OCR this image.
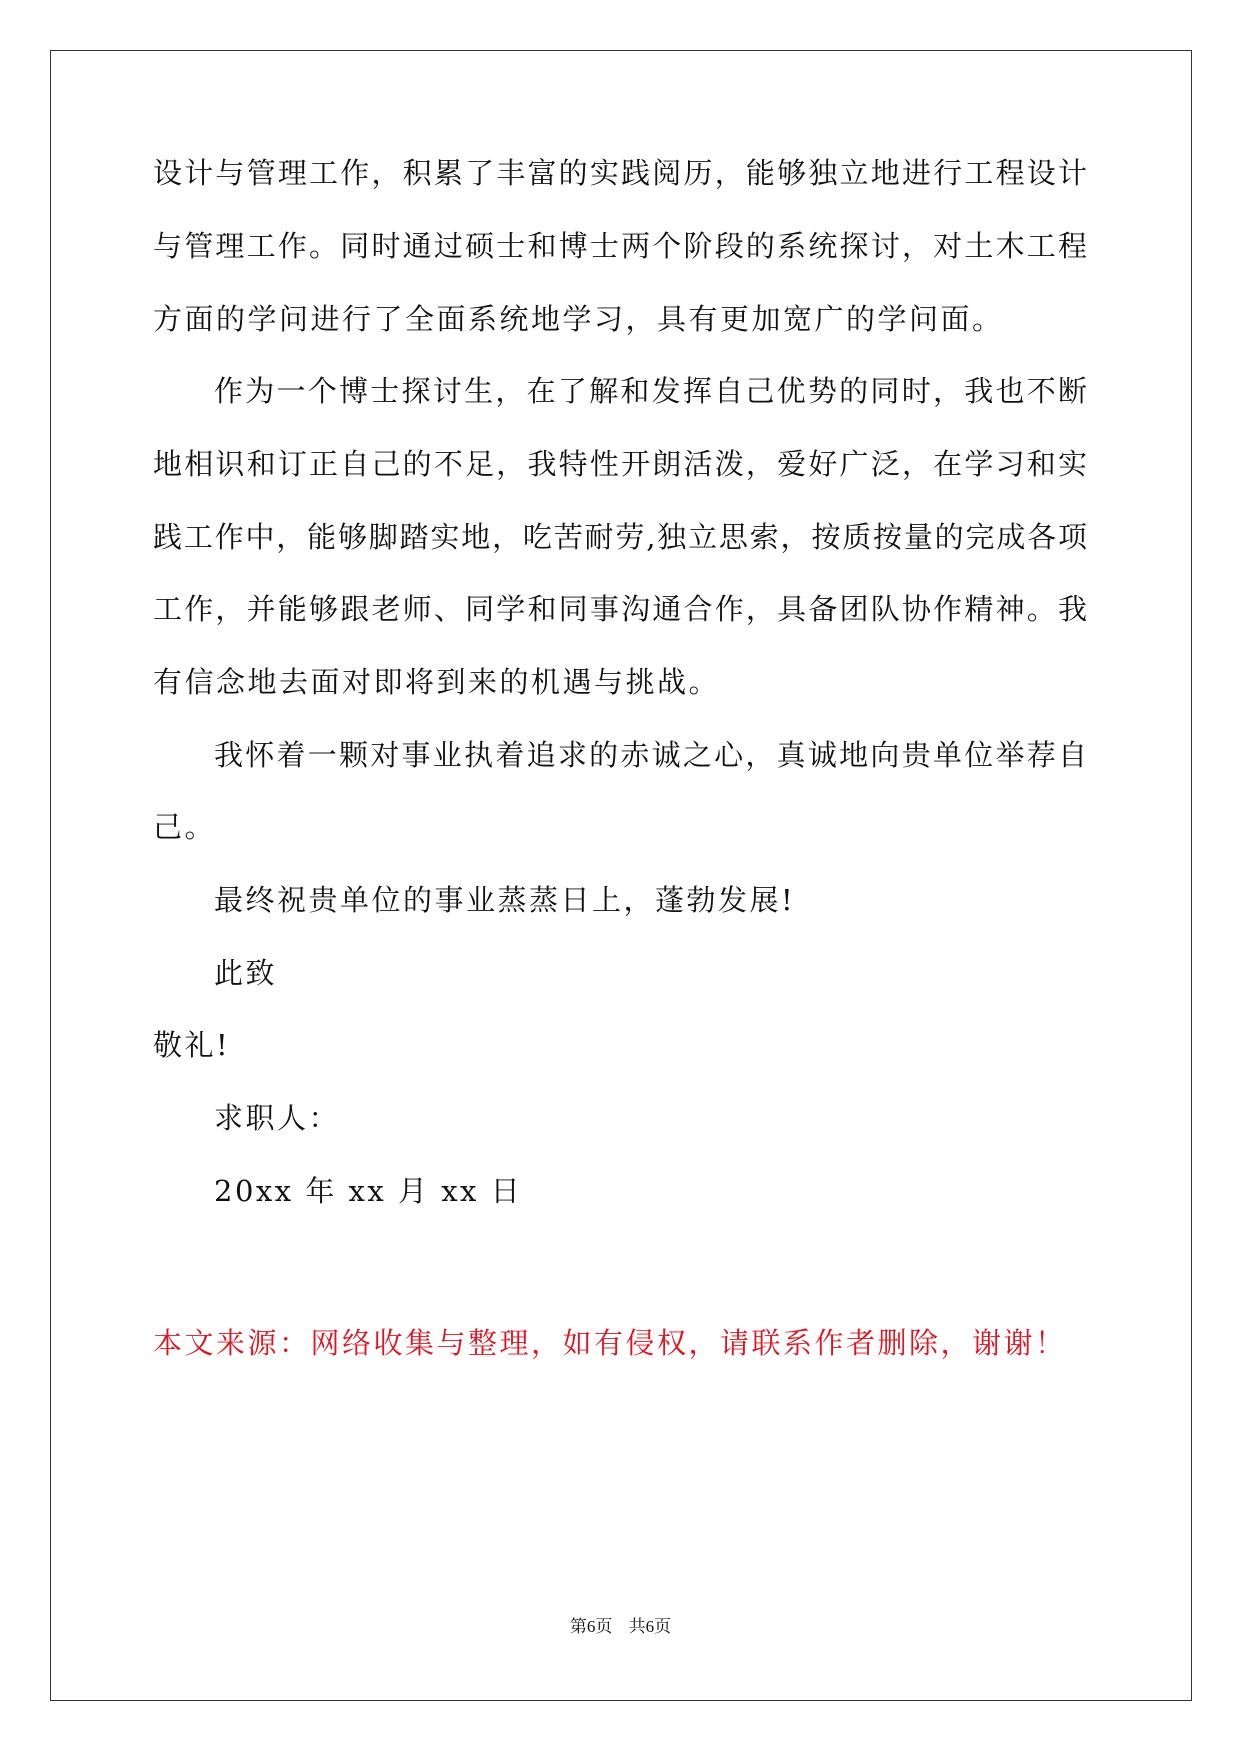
设计与管理工作，积累了丰富的实践阅历，能够独立地进行工程设计
与管理工作。同时通过硕士和博士两个阶段的系统探讨，对土木工程
方面的学问进行了全面系统地学习，具有更加宽广的学问面。
作为一个博士探讨生，在了解和发挥自己优势的同时，我也不断
地相识和订正自己的不足，我特性开朗活泼，爱好广泛，在学习和实
践工作中，能够脚踏实地，吃苦耐劳,独立思索，按质按量的完成各项
工作，并能够跟老师、同学和同事沟通合作，具备团队协作精神。我
有信念地去面对即将到来的机遇与挑战。
我怀着一颗对事业执着追求的赤诚之心，真诚地向贵单位举荐自
己。
最终祝贵单位的事业蒸蒸日上，蓬勃发展!
此致
敬礼!
求职人：
20xx 年 xx 月 xx 日
本文来源：网络收集与整理，如有侵权，请联系作者删除，谢谢！
第6页 共6页
